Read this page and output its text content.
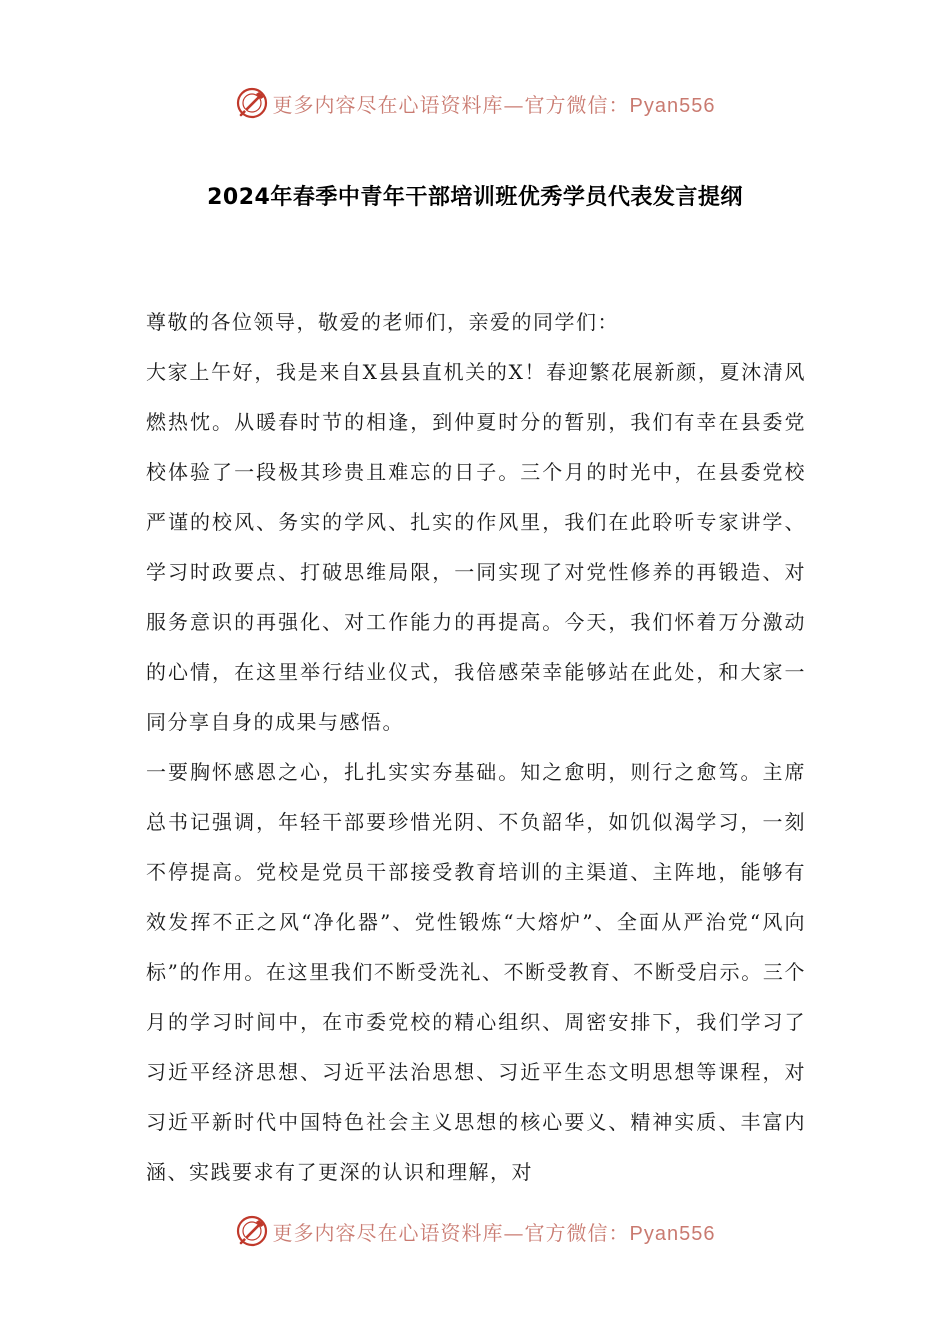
更多内容尽在心语资料库—官方微信：Pyan556
2024年春季中青年干部培训班优秀学员代表发言提纲

尊敬的各位领导，敬爱的老师们，亲爱的同学们：

大家上午好，我是来自X县县直机关的X！春迎繁花展新颜，夏沐清风燃热忱。从暖春时节的相逢，到仲夏时分的暂别，我们有幸在县委党校体验了一段极其珍贵且难忘的日子。三个月的时光中，在县委党校严谨的校风、务实的学风、扎实的作风里，我们在此聆听专家讲学、学习时政要点、打破思维局限，一同实现了对党性修养的再锻造、对服务意识的再强化、对工作能力的再提高。今天，我们怀着万分激动的心情，在这里举行结业仪式，我倍感荣幸能够站在此处，和大家一同分享自身的成果与感悟。

一要胸怀感恩之心，扎扎实实夯基础。知之愈明，则行之愈笃。主席总书记强调，年轻干部要珍惜光阴、不负韶华，如饥似渴学习，一刻不停提高。党校是党员干部接受教育培训的主渠道、主阵地，能够有效发挥不正之风“净化器”、党性锻炼“大熔炉”、全面从严治党“风向标”的作用。在这里我们不断受洗礼、不断受教育、不断受启示。三个月的学习时间中，在市委党校的精心组织、周密安排下，我们学习了习近平经济思想、习近平法治思想、习近平生态文明思想等课程，对习近平新时代中国特色社会主义思想的核心要义、精神实质、丰富内涵、实践要求有了更深的认识和理解，对

更多内容尽在心语资料库—官方微信：Pyan556
